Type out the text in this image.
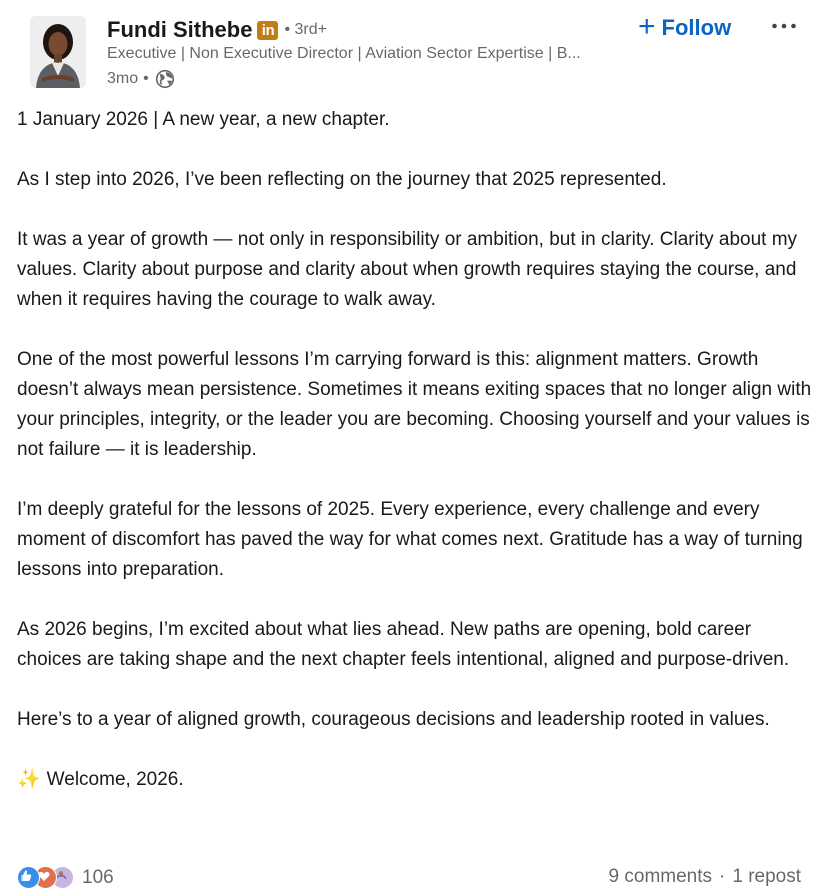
Fundi Sithebe in • 3rd+
Executive | Non Executive Director | Aviation Sector Expertise | B...
3mo •
+ Follow

1 January 2026 | A new year, a new chapter.

As I step into 2026, I’ve been reflecting on the journey that 2025 represented.

It was a year of growth — not only in responsibility or ambition, but in clarity. Clarity about my values. Clarity about purpose and clarity about when growth requires staying the course, and when it requires having the courage to walk away.

One of the most powerful lessons I’m carrying forward is this: alignment matters. Growth doesn’t always mean persistence. Sometimes it means exiting spaces that no longer align with your principles, integrity, or the leader you are becoming. Choosing yourself and your values is not failure — it is leadership.

I’m deeply grateful for the lessons of 2025. Every experience, every challenge and every moment of discomfort has paved the way for what comes next. Gratitude has a way of turning lessons into preparation.

As 2026 begins, I’m excited about what lies ahead. New paths are opening, bold career choices are taking shape and the next chapter feels intentional, aligned and purpose-driven.

Here’s to a year of aligned growth, courageous decisions and leadership rooted in values.

✨ Welcome, 2026.

106	9 comments · 1 repost
